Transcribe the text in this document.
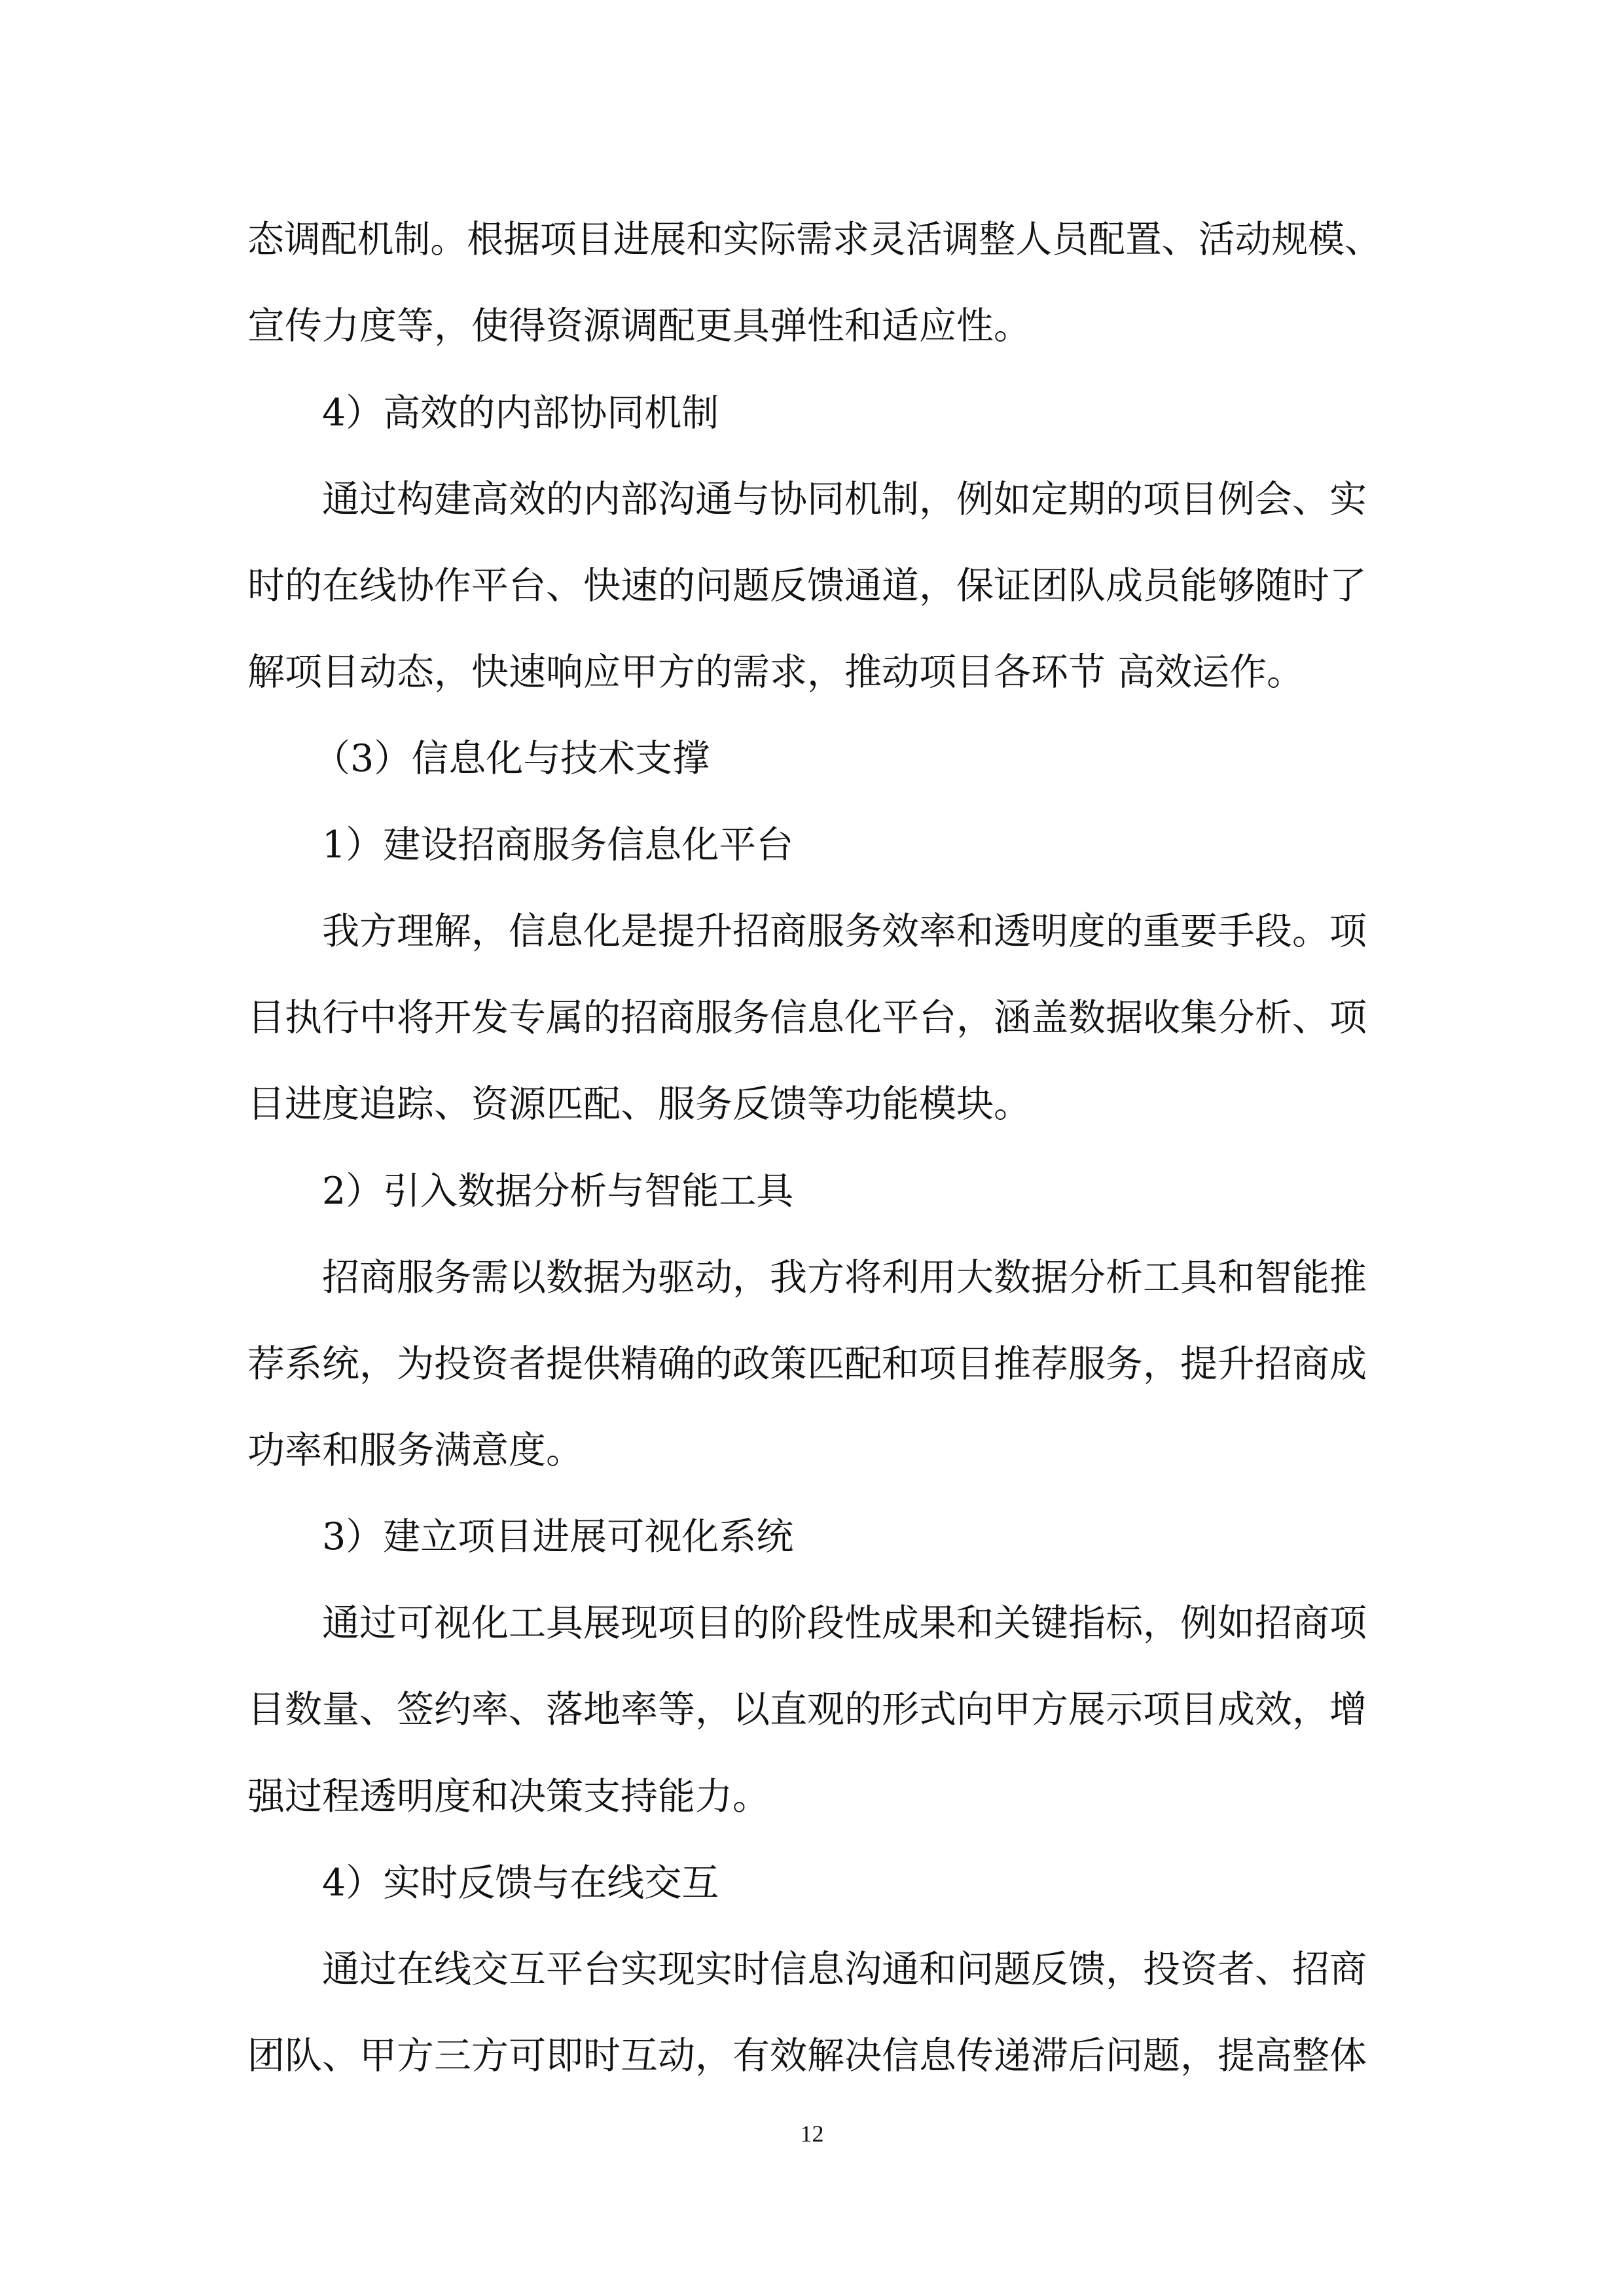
态调配机制。根据项目进展和实际需求灵活调整人员配置、活动规模、
宣传力度等，使得资源调配更具弹性和适应性。
4）高效的内部协同机制
通过构建高效的内部沟通与协同机制，例如定期的项目例会、实
时的在线协作平台、快速的问题反馈通道，保证团队成员能够随时了
解项目动态，快速响应甲方的需求，推动项目各环节 高效运作。
（3）信息化与技术支撑
1）建设招商服务信息化平台
我方理解，信息化是提升招商服务效率和透明度的重要手段。项
目执行中将开发专属的招商服务信息化平台，涵盖数据收集分析、项
目进度追踪、资源匹配、服务反馈等功能模块。
2）引入数据分析与智能工具
招商服务需以数据为驱动，我方将利用大数据分析工具和智能推
荐系统，为投资者提供精确的政策匹配和项目推荐服务，提升招商成
功率和服务满意度。
3）建立项目进展可视化系统
通过可视化工具展现项目的阶段性成果和关键指标，例如招商项
目数量、签约率、落地率等，以直观的形式向甲方展示项目成效，增
强过程透明度和决策支持能力。
4）实时反馈与在线交互
通过在线交互平台实现实时信息沟通和问题反馈，投资者、招商
团队、甲方三方可即时互动，有效解决信息传递滞后问题，提高整体
12
